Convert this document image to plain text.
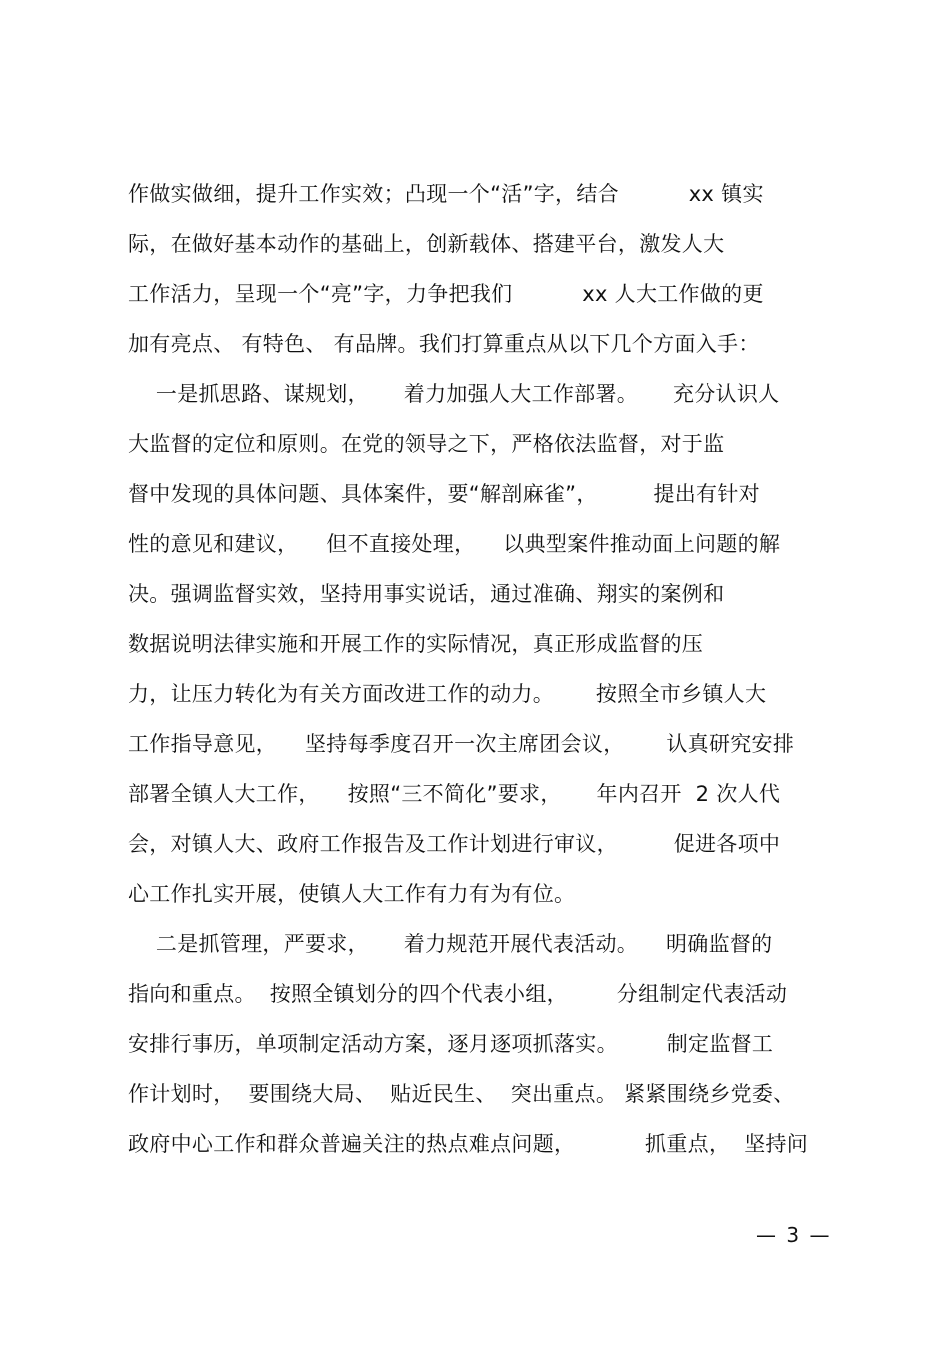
作做实做细，提升工作实效；凸现一个“活”字，结合          xx 镇实
际，在做好基本动作的基础上，创新载体、搭建平台，激发人大
工作活力，呈现一个“亮”字，力争把我们          xx 人大工作做的更
加有亮点、 有特色、 有品牌。我们打算重点从以下几个方面入手：
一是抓思路、谋规划，     着力加强人大工作部署。     充分认识人
大监督的定位和原则。在党的领导之下，严格依法监督，对于监
督中发现的具体问题、具体案件，要“解剖麻雀”，        提出有针对
性的意见和建议，    但不直接处理，    以典型案件推动面上问题的解
决。强调监督实效，坚持用事实说话，通过准确、翔实的案例和
数据说明法律实施和开展工作的实际情况，真正形成监督的压
力，让压力转化为有关方面改进工作的动力。      按照全市乡镇人大
工作指导意见，    坚持每季度召开一次主席团会议，      认真研究安排
部署全镇人大工作，    按照“三不简化”要求，     年内召开  2 次人代
会，对镇人大、政府工作报告及工作计划进行审议，        促进各项中
心工作扎实开展，使镇人大工作有力有为有位。
二是抓管理，严要求，     着力规范开展代表活动。    明确监督的
指向和重点。  按照全镇划分的四个代表小组，       分组制定代表活动
安排行事历，单项制定活动方案，逐月逐项抓落实。       制定监督工
作计划时，  要围绕大局、  贴近民生、  突出重点。 紧紧围绕乡党委、
政府中心工作和群众普遍关注的热点难点问题，          抓重点，  坚持问
— 3 —
